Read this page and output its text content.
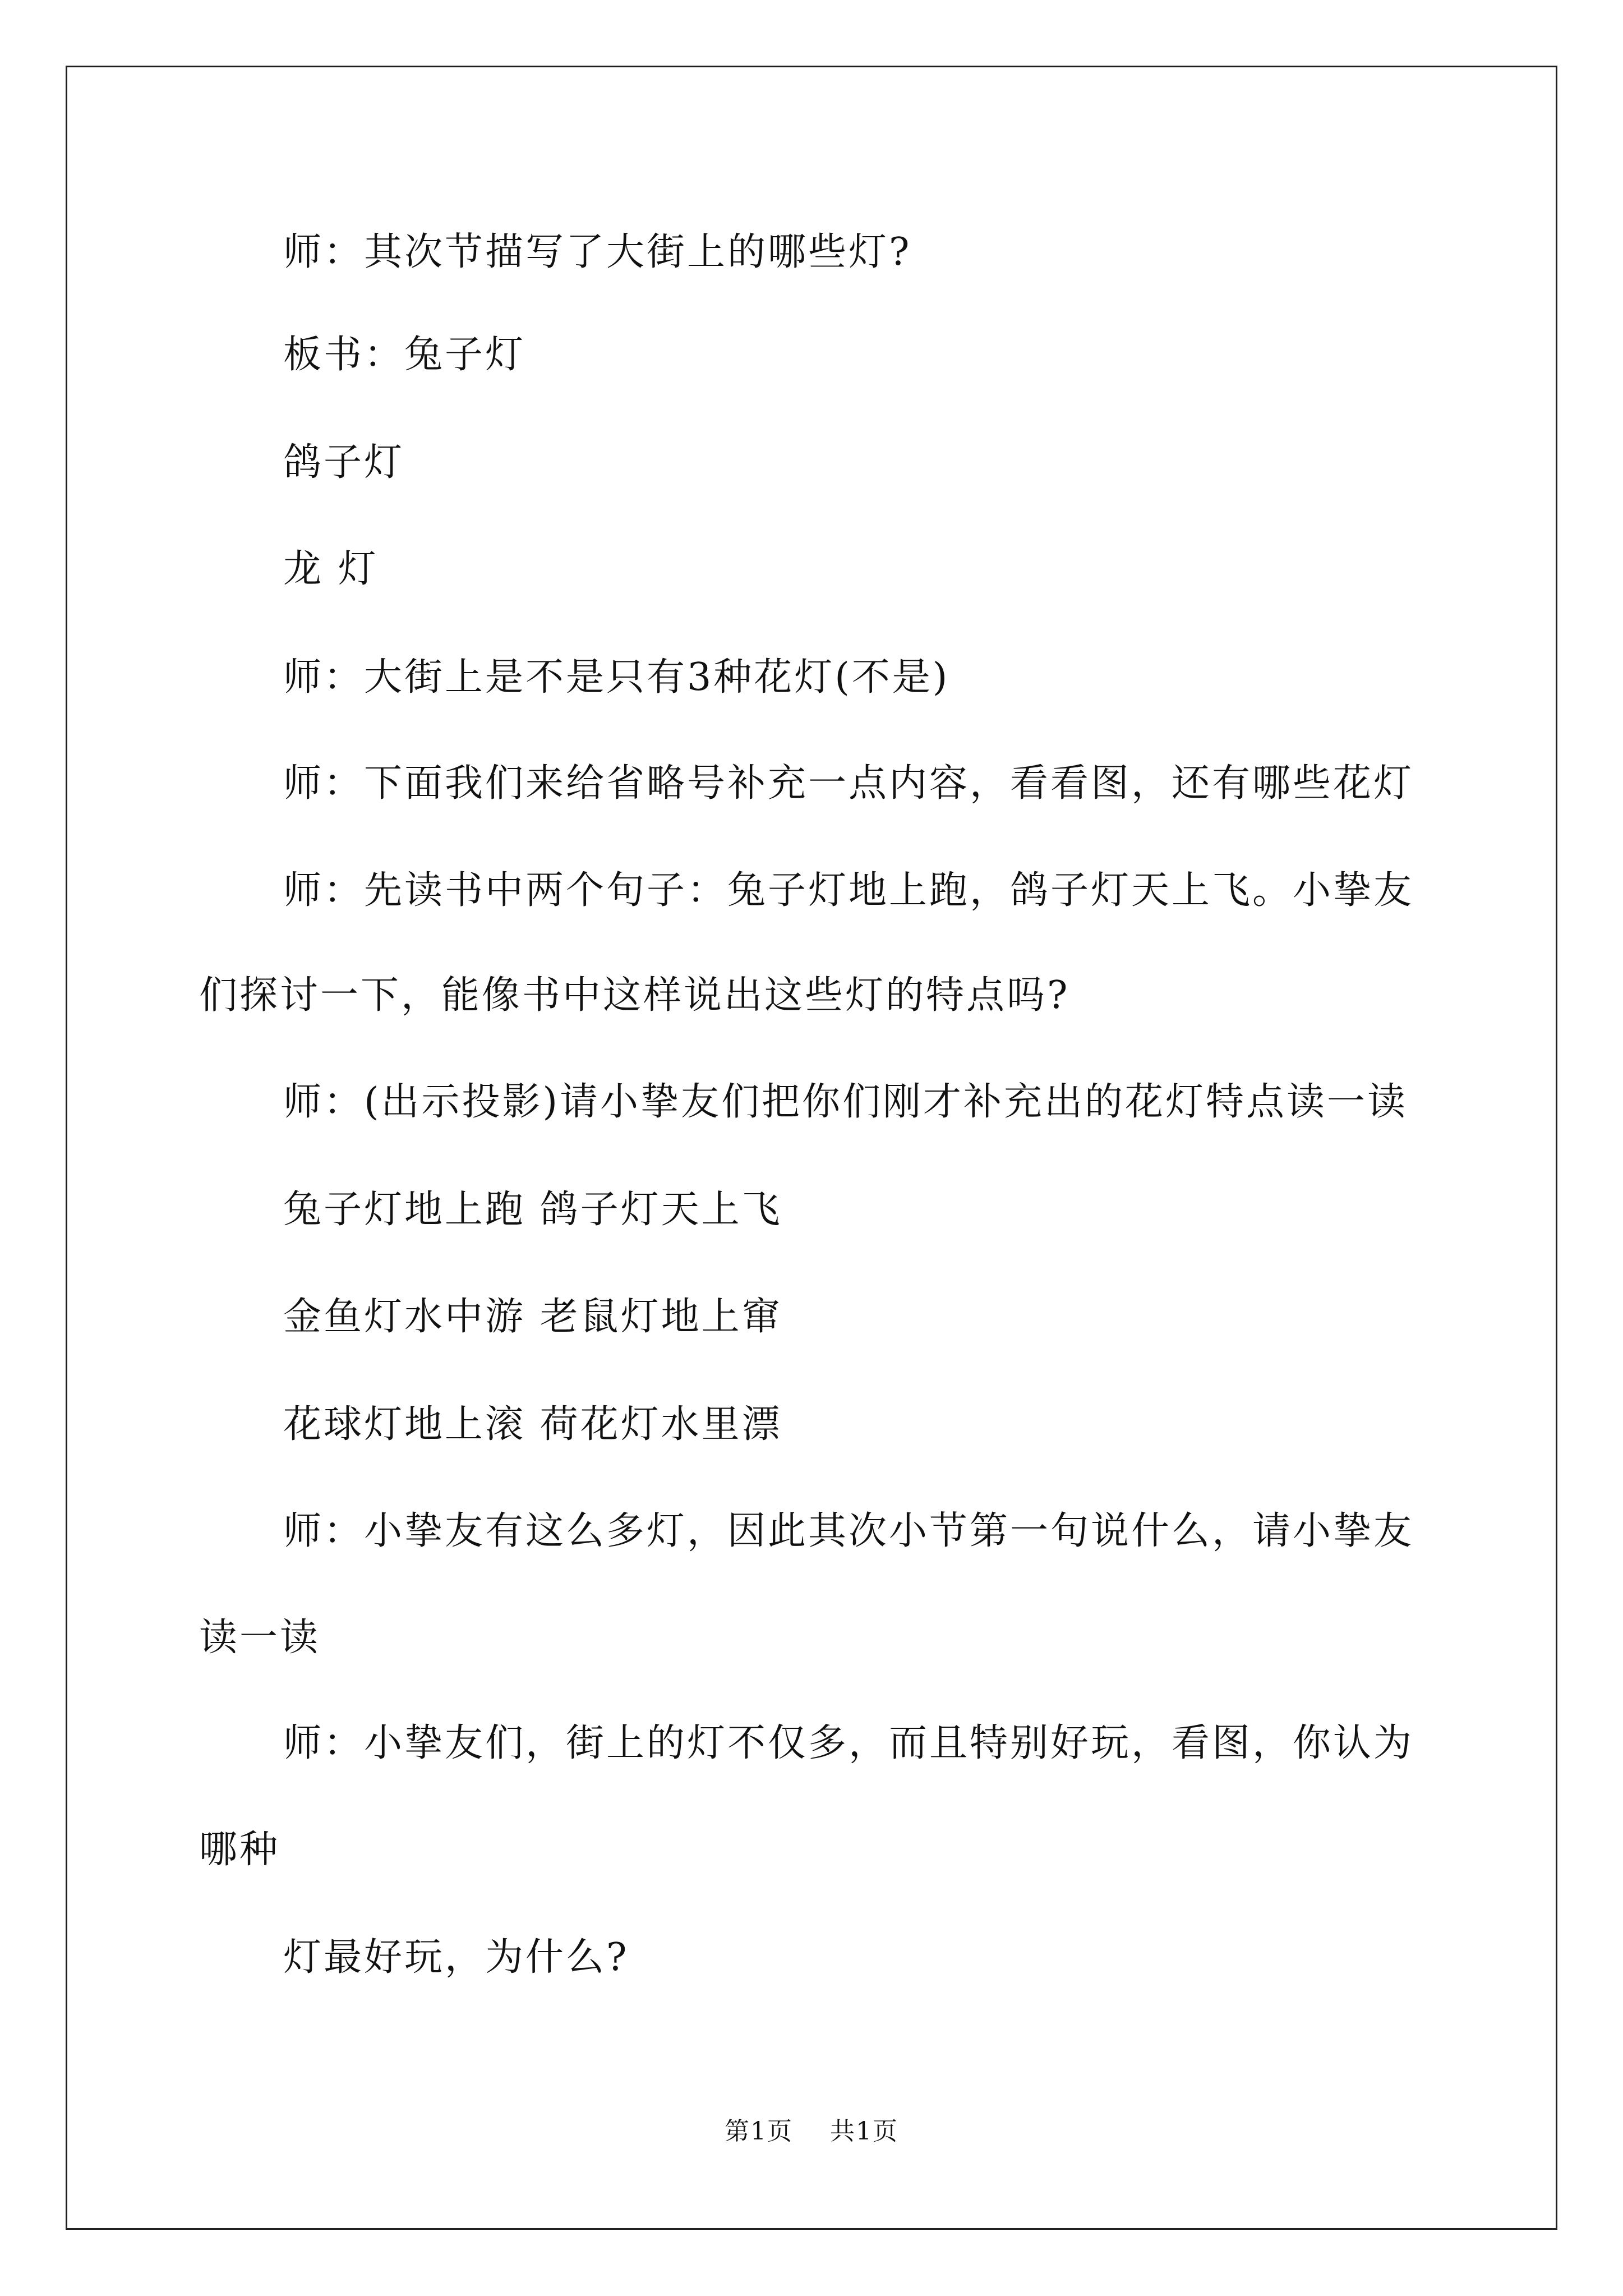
师：其次节描写了大街上的哪些灯?
板书：兔子灯
鸽子灯
龙 灯
师：大街上是不是只有3种花灯(不是)
师：下面我们来给省略号补充一点内容，看看图，还有哪些花灯
师：先读书中两个句子：兔子灯地上跑，鸽子灯天上飞。小挚友
们探讨一下，能像书中这样说出这些灯的特点吗?
师：(出示投影)请小挚友们把你们刚才补充出的花灯特点读一读
兔子灯地上跑 鸽子灯天上飞
金鱼灯水中游 老鼠灯地上窜
花球灯地上滚 荷花灯水里漂
师：小挚友有这么多灯，因此其次小节第一句说什么，请小挚友
读一读
师：小挚友们，街上的灯不仅多，而且特别好玩，看图，你认为
哪种
灯最好玩，为什么?
第1页 共1页
